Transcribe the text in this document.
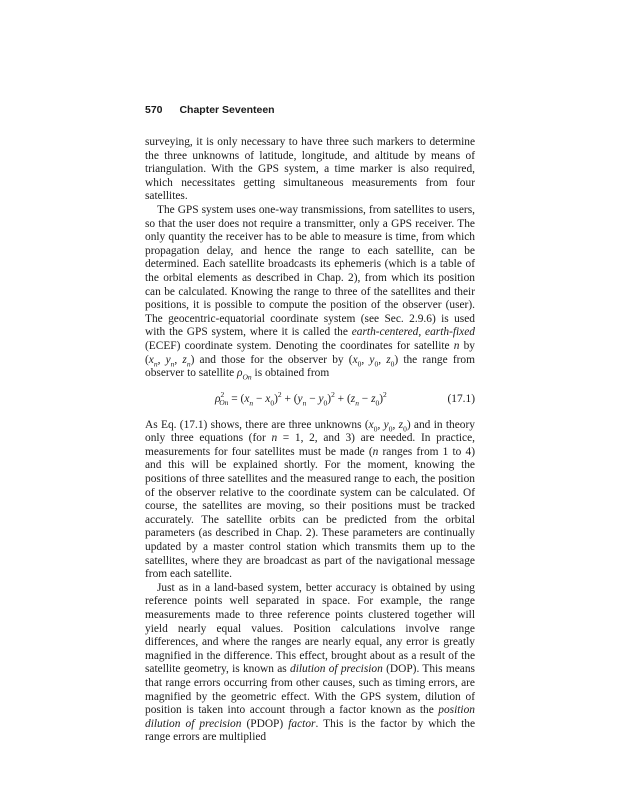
570 Chapter Seventeen

surveying, it is only necessary to have three such markers to determine the three unknowns of latitude, longitude, and altitude by means of triangulation. With the GPS system, a time marker is also required, which necessitates getting simultaneous measurements from four satellites.

The GPS system uses one-way transmissions, from satellites to users, so that the user does not require a transmitter, only a GPS receiver. The only quantity the receiver has to be able to measure is time, from which propagation delay, and hence the range to each satellite, can be determined. Each satellite broadcasts its ephemeris (which is a table of the orbital elements as described in Chap. 2), from which its position can be calculated. Knowing the range to three of the satellites and their positions, it is possible to compute the position of the observer (user). The geocentric-equatorial coordinate system (see Sec. 2.9.6) is used with the GPS system, where it is called the earth-centered, earth-fixed (ECEF) coordinate system. Denoting the coordinates for satellite n by ($x_n$, $y_n$, $z_n$) and those for the observer by ($x_0$, $y_0$, $z_0$) the range from observer to satellite $\rho_{On}$ is obtained from

$\rho^2_{On} = (x_n - x_0)^2 + (y_n - y_0)^2 + (z_n - z_0)^2$	(17.1)

As Eq. (17.1) shows, there are three unknowns ($x_0$, $y_0$, $z_0$) and in theory only three equations (for n = 1, 2, and 3) are needed. In practice, measurements for four satellites must be made (n ranges from 1 to 4) and this will be explained shortly. For the moment, knowing the positions of three satellites and the measured range to each, the position of the observer relative to the coordinate system can be calculated. Of course, the satellites are moving, so their positions must be tracked accurately. The satellite orbits can be predicted from the orbital parameters (as described in Chap. 2). These parameters are continually updated by a master control station which transmits them up to the satellites, where they are broadcast as part of the navigational message from each satellite.

Just as in a land-based system, better accuracy is obtained by using reference points well separated in space. For example, the range measurements made to three reference points clustered together will yield nearly equal values. Position calculations involve range differences, and where the ranges are nearly equal, any error is greatly magnified in the difference. This effect, brought about as a result of the satellite geometry, is known as dilution of precision (DOP). This means that range errors occurring from other causes, such as timing errors, are magnified by the geometric effect. With the GPS system, dilution of position is taken into account through a factor known as the position dilution of precision (PDOP) factor. This is the factor by which the range errors are multiplied
